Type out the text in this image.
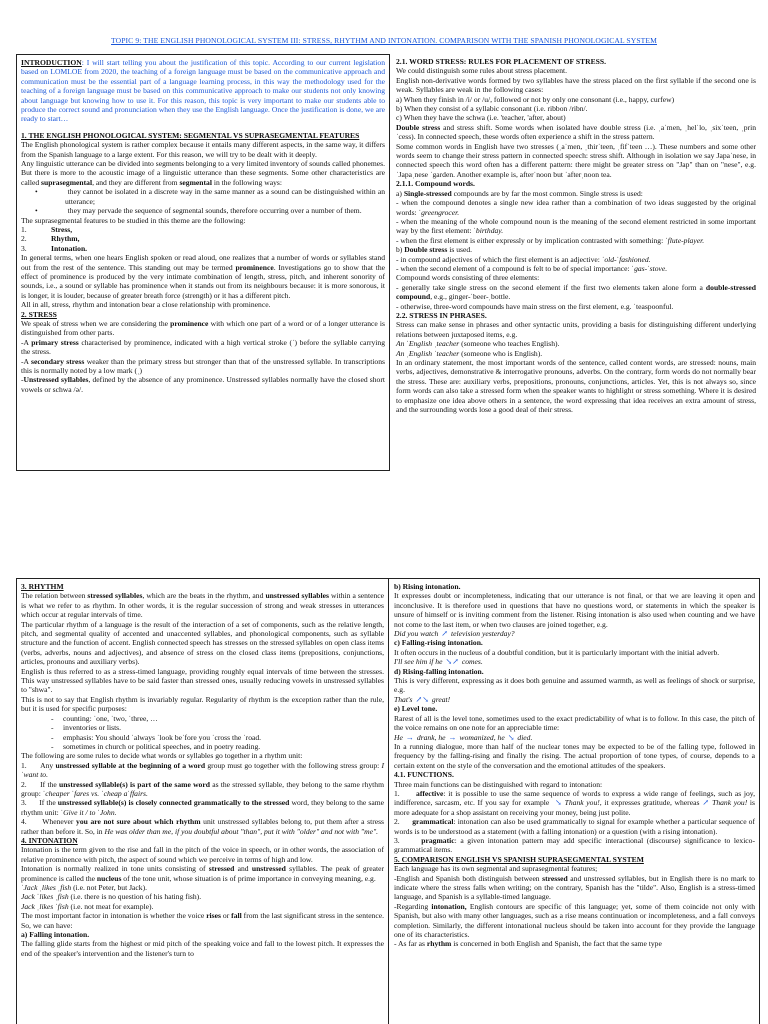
TOPIC 9: THE ENGLISH PHONOLOGICAL SYSTEM III: STRESS, RHYTHM AND INTONATION. COMPARISON WITH THE SPANISH PHONOLOGICAL SYSTEM

INTRODUCTION: I will start telling you about the justification of this topic. According to our current legislation based on LOMLOE from 2020, the teaching of a foreign language must be based on the communicative approach and communication must be the essential part of a language learning process, in this way the methodology used for the teaching of a foreign language must be based on this communicative approach to make our students not only knowing about language but knowing how to use it. For this reason, this topic is very important to make our students able to produce the correct sound and pronunciation when they use the English language. Once the justification is done, we are ready to start…

1. THE ENGLISH PHONOLOGICAL SYSTEM: SEGMENTAL VS SUPRASEGMENTAL FEATURES

The English phonological system is rather complex because it entails many different aspects, in the same way, it differs from the Spanish language to a large extent. For this reason, we will try to be dealt with it deeply.

Any linguistic utterance can be divided into segments belonging to a very limited inventory of sounds called phonemes. But there is more to the acoustic image of a linguistic utterance than these segments. Some other characteristics are called suprasegmental, and they are different from segmental in the following ways:

•	they cannot be isolated in a discrete way in the same manner as a sound can be distinguished within an utterance;

•	they may pervade the sequence of segmental sounds, therefore occurring over a number of them.

The suprasegmental features to be studied in this theme are the following:

1.	Stress,
2.	Rhythm,
3.	Intonation.

In general terms, when one hears English spoken or read aloud, one realizes that a number of words or syllables stand out from the rest of the sentence. This standing out may be termed prominence. Investigations go to show that the effect of prominence is produced by the very intimate combination of length, stress, pitch, and inherent sonority of sounds, i.e., a sound or syllable has prominence when it stands out from its neighbours because: it is more sonorous, it is longer, it is louder, because of greater breath force (strength) or it has a different pitch.

All in all, stress, rhythm and intonation bear a close relationship with prominence.

2. STRESS

We speak of stress when we are considering the prominence with which one part of a word or of a longer utterance is distinguished from other parts.

-A primary stress characterised by prominence, indicated with a high vertical stroke (ˈ) before the syllable carrying the stress.

-A secondary stress weaker than the primary stress but stronger than that of the unstressed syllable. In transcriptions this is normally noted by a low mark (ˌ)

-Unstressed syllables, defined by the absence of any prominence. Unstressed syllables normally have the closed short vowels or schwa /ə/.

2.1. WORD STRESS: RULES FOR PLACEMENT OF STRESS.

We could distinguish some rules about stress placement.

English non-derivative words formed by two syllables have the stress placed on the first syllable if the second one is weak. Syllables are weak in the following cases:

a) When they finish in /i/ or /u/, followed or not by only one consonant (i.e., happy, curfew)

b) When they consist of a syllabic consonant (i.e. ribbon /ribn/.

c) When they have the schwa (i.e. 'teacher, 'after, about)

Double stress and stress shift. Some words when isolated have double stress (i.e. ˌaˈmen, ˌhelˈlo, ˌsixˈteen, ˌprinˈcess). In connected speech, these words often experience a shift in the stress pattern.

Some common words in English have two stresses (ˌaˈmen, ˌthirˈteen, ˌfifˈteen …). These numbers and some other words seem to change their stress pattern in connected speech: stress shift. Although in isolation we say Japaˈnese, in connected speech this word often has a different pattern: there might be greater stress on "Jap" than on "nese", e.g. ˈJapaˌnese ˈgarden. Another example is, afterˈnoon but ˈafterˌnoon tea.

2.1.1. Compound words.

a) Single-stressed compounds are by far the most common. Single stress is used:

- when the compound denotes a single new idea rather than a combination of two ideas suggested by the original words: ˈgreengrocer.

- when the meaning of the whole compound noun is the meaning of the second element restricted in some important way by the first element: ˈbirthday.

- when the first element is either expressly or by implication contrasted with something: ˈflute-player.

b) Double stress is used.

- in compound adjectives of which the first element is an adjective: ˈold-ˈfashioned.

- when the second element of a compound is felt to be of special importance: ˈgas-ˈstove.

Compound words consisting of three elements:

- generally take single stress on the second element if the first two elements taken alone form a double-stressed compound, e.g., ginger-ˈbeer-ˌbottle.

- otherwise, three-word compounds have main stress on the first element, e.g. ˈteaspoonful.

2.2. STRESS IN PHRASES.

Stress can make sense in phrases and other syntactic units, providing a basis for distinguishing different underlying relations between juxtaposed items, e.g.

An ˈEnglish ˌteacher (someone who teaches English).

An ˌEnglish ˈteacher (someone who is English).

In an ordinary statement, the most important words of the sentence, called content words, are stressed: nouns, main verbs, adjectives, demonstrative & interrogative pronouns, adverbs. On the contrary, form words do not normally bear the stress. These are: auxiliary verbs, prepositions, pronouns, conjunctions, articles. Yet, this is not always so, since form words can also take a stressed form when the speaker wants to highlight or stress something. Where it is desired to emphasize one idea above others in a sentence, the word expressing that idea receives an extra amount of stress, and the surrounding words lose a good deal of their stress.

3. RHYTHM

The relation between stressed syllables, which are the beats in the rhythm, and unstressed syllables within a sentence is what we refer to as rhythm. In other words, it is the regular succession of strong and weak stresses in utterances which occur at regular intervals of time.

The particular rhythm of a language is the result of the interaction of a set of components, such as the relative length, pitch, and segmental quality of accented and unaccented syllables, and phonological components, such as syllable structure and the function of accent. English connected speech has stresses on the stressed syllables on open class items (verbs, adverbs, nouns and adjectives), and absence of stress on the closed class items (prepositions, conjunctions, articles, pronouns and auxiliary verbs).

English is thus referred to as a stress-timed language, providing roughly equal intervals of time between the stresses. This way unstressed syllables have to be said faster than stressed ones, usually reducing vowels in unstressed syllables to "shwa".

This is not to say that English rhythm is invariably regular. Regularity of rhythm is the exception rather than the rule, but it is used for specific purposes:

-     counting: ˈone, ˈtwo, ˈthree, …

-     inventories or lists.

-     emphasis: You should ˈalways ˈlook beˈfore you ˈcross the ˈroad.

-     sometimes in church or political speeches, and in poetry reading.

The following are some rules to decide what words or syllables go together in a rhythm unit:

1. Any unstressed syllable at the beginning of a word group must go together with the following stress group: I ˈwant to.

2. If the unstressed syllable(s) is part of the same word as the stressed syllable, they belong to the same rhythm group: ˈcheaper ˈfares vs. ˈcheap aˈffairs.

3. If the unstressed syllable(s) is closely connected grammatically to the stressed word, they belong to the same rhythm unit: ˈGive it / to ˈJohn.

4. Whenever you are not sure about which rhythm unit unstressed syllables belong to, put them after a stress rather than before it. So, in He was older than me, if you doubtful about "than", put it with "older" and not with "me".

4. INTONATION

Intonation is the term given to the rise and fall in the pitch of the voice in speech, or in other words, the association of relative prominence with pitch, the aspect of sound which we perceive in terms of high and low.

Intonation is normally realized in tone units consisting of stressed and unstressed syllables. The peak of greater prominence is called the nucleus of the tone unit, whose situation is of prime importance in conveying meaning, e.g.

ˈJack ˌlikes ˌfish (i.e. not Peter, but Jack).

Jack ˈlikes ˌfish (i.e. there is no question of his hating fish).

Jack ˌlikes ˈfish (i.e. not meat for example).

The most important factor in intonation is whether the voice rises or fall from the last significant stress in the sentence. So, we can have:

a) Falling intonation.

The falling glide starts from the highest or mid pitch of the speaking voice and fall to the lowest pitch. It expresses the end of the speaker's intervention and the listener's turn to

b) Rising intonation.

It expresses doubt or incompleteness, indicating that our utterance is not final, or that we are leaving it open and inconclusive. It is therefore used in questions that have no questions word, or statements in which the speaker is unsure of himself or is inviting comment from the listener. Rising intonation is also used when counting and we have not come to the last item, or when two clauses are joined together, e.g.

Did you watch ↗ television yesterday?

c) Falling-rising intonation.

It often occurs in the nucleus of a doubtful condition, but it is particularly important with the initial adverb.

I'll see him if he ↘↗ comes.

d) Rising-falling intonation.

This is very different, expressing as it does both genuine and assumed warmth, as well as feelings of shock or surprise, e.g.

That's ↗↘ great!

e) Level tone.

Rarest of all is the level tone, sometimes used to the exact predictability of what is to follow. In this case, the pitch of the voice remains on one note for an appreciable time:

He → drank, he → womanized, he ↘ died.

In a running dialogue, more than half of the nuclear tones may be expected to be of the falling type, followed in frequency by the falling-rising and finally the rising. The actual proportion of tone types, of course, depends to a certain extent on the style of the conversation and the emotional attitudes of the speakers.

4.1. FUNCTIONS.

Three main functions can be distinguished with regard to intonation:

1. affective: it is possible to use the same sequence of words to express a wide range of feelings, such as joy, indifference, sarcasm, etc. If you say for example ↘ Thank you!, it expresses gratitude, whereas ↗ Thank you! is more adequate for a shop assistant on receiving your money, being just polite.

2. grammatical: intonation can also be used grammatically to signal for example whether a particular sequence of words is to be understood as a statement (with a falling intonation) or a question (with a rising intonation).

3.	pragmatic: a given intonation pattern may add specific interactional (discourse) significance to lexico-grammatical items.

5. COMPARISON ENGLISH VS SPANISH SUPRASEGMENTAL SYSTEM

Each language has its own segmental and suprasegmental features;

-English and Spanish both distinguish between stressed and unstressed syllables, but in English there is no mark to indicate where the stress falls when writing; on the contrary, Spanish has the "tilde". Also, English is a stress-timed language, and Spanish is a syllable-timed language.

-Regarding intonation, English contours are specific of this language; yet, some of them coincide not only with Spanish, but also with many other languages, such as a rise means continuation or incompleteness, and a fall conveys completion. Similarly, the different intonational nucleus should be taken into account for they provide the language one of its characteristics.

- As far as rhythm is concerned in both English and Spanish, the fact that the same type
